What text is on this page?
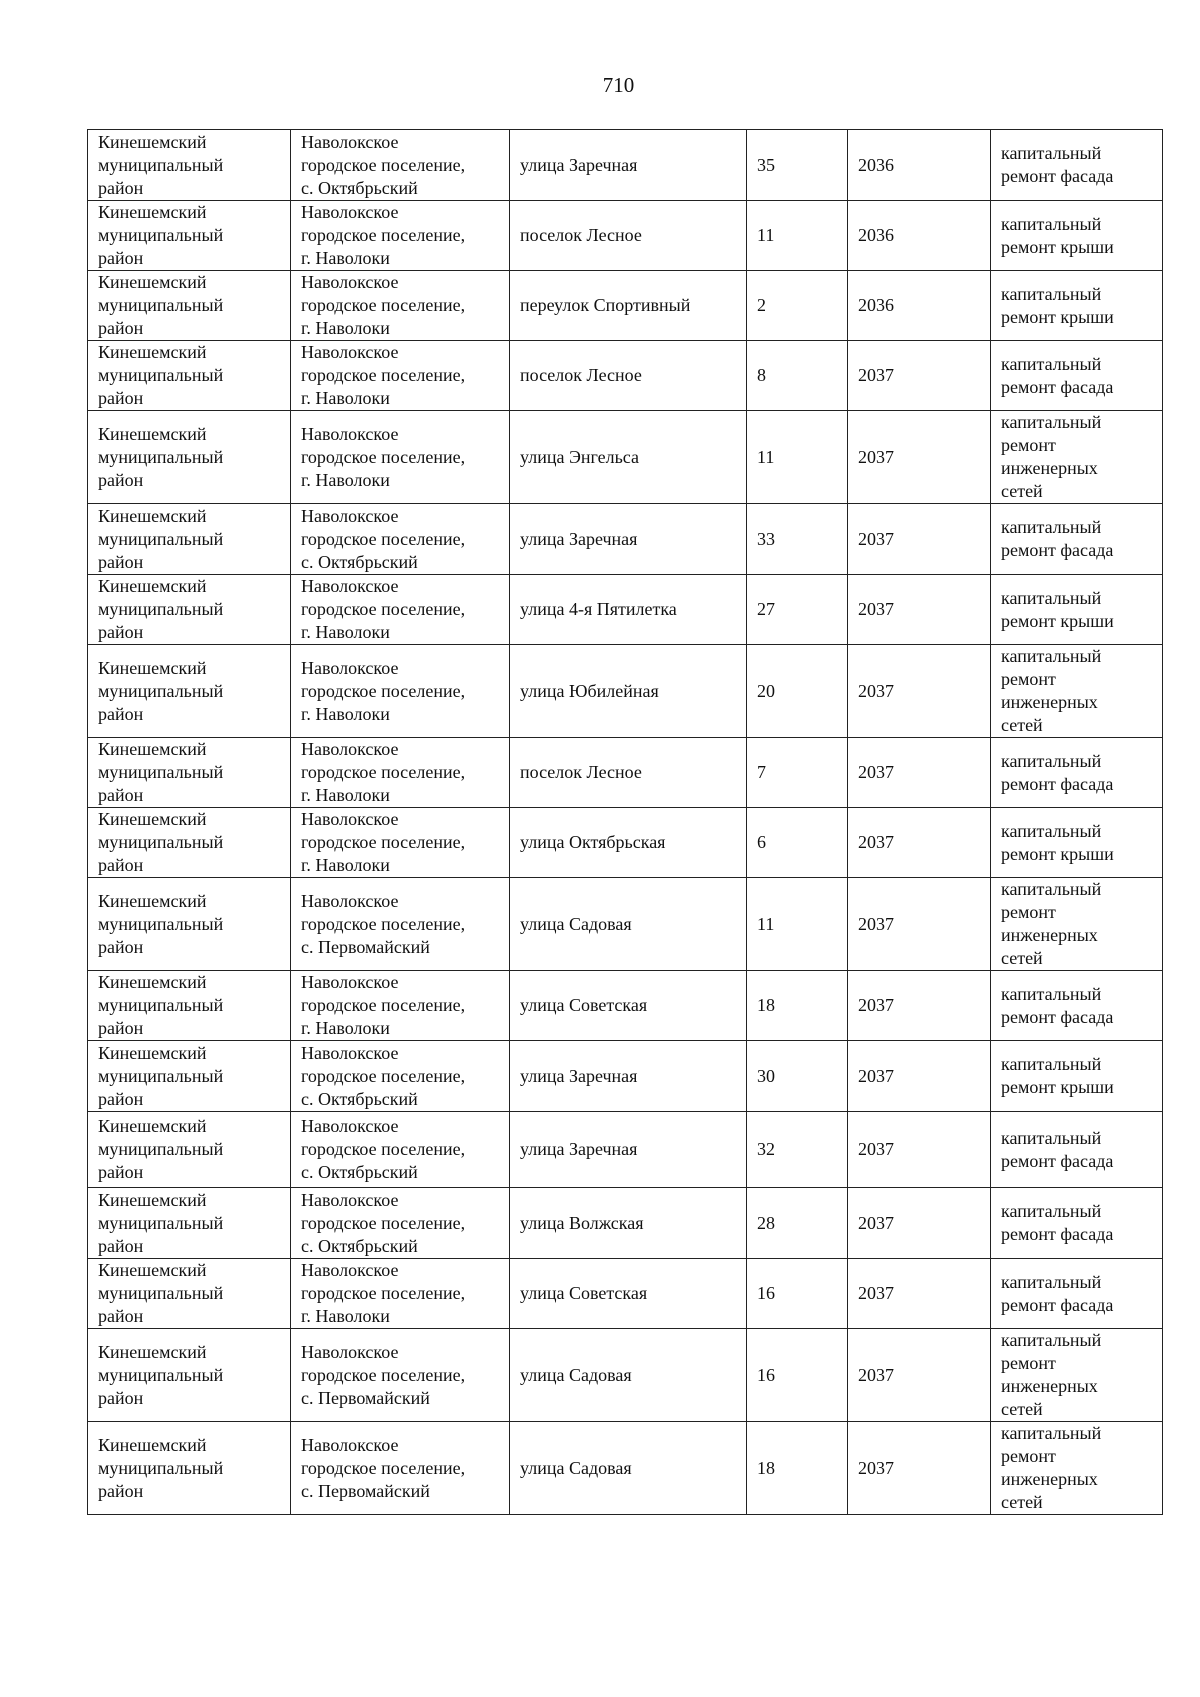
710
Кинешемский
муниципальный
район	Наволокское
городское поселение,
с. Октябрьский	улица Заречная	35	2036	капитальный
ремонт фасада
Кинешемский
муниципальный
район	Наволокское
городское поселение,
г. Наволоки	поселок Лесное	11	2036	капитальный
ремонт крыши
Кинешемский
муниципальный
район	Наволокское
городское поселение,
г. Наволоки	переулок Спортивный	2	2036	капитальный
ремонт крыши
Кинешемский
муниципальный
район	Наволокское
городское поселение,
г. Наволоки	поселок Лесное	8	2037	капитальный
ремонт фасада
Кинешемский
муниципальный
район	Наволокское
городское поселение,
г. Наволоки	улица Энгельса	11	2037	капитальный
ремонт
инженерных
сетей
Кинешемский
муниципальный
район	Наволокское
городское поселение,
с. Октябрьский	улица Заречная	33	2037	капитальный
ремонт фасада
Кинешемский
муниципальный
район	Наволокское
городское поселение,
г. Наволоки	улица 4-я Пятилетка	27	2037	капитальный
ремонт крыши
Кинешемский
муниципальный
район	Наволокское
городское поселение,
г. Наволоки	улица Юбилейная	20	2037	капитальный
ремонт
инженерных
сетей
Кинешемский
муниципальный
район	Наволокское
городское поселение,
г. Наволоки	поселок Лесное	7	2037	капитальный
ремонт фасада
Кинешемский
муниципальный
район	Наволокское
городское поселение,
г. Наволоки	улица Октябрьская	6	2037	капитальный
ремонт крыши
Кинешемский
муниципальный
район	Наволокское
городское поселение,
с. Первомайский	улица Садовая	11	2037	капитальный
ремонт
инженерных
сетей
Кинешемский
муниципальный
район	Наволокское
городское поселение,
г. Наволоки	улица Советская	18	2037	капитальный
ремонт фасада
Кинешемский
муниципальный
район	Наволокское
городское поселение,
с. Октябрьский	улица Заречная	30	2037	капитальный
ремонт крыши
Кинешемский
муниципальный
район	Наволокское
городское поселение,
с. Октябрьский	улица Заречная	32	2037	капитальный
ремонт фасада
Кинешемский
муниципальный
район	Наволокское
городское поселение,
с. Октябрьский	улица Волжская	28	2037	капитальный
ремонт фасада
Кинешемский
муниципальный
район	Наволокское
городское поселение,
г. Наволоки	улица Советская	16	2037	капитальный
ремонт фасада
Кинешемский
муниципальный
район	Наволокское
городское поселение,
с. Первомайский	улица Садовая	16	2037	капитальный
ремонт
инженерных
сетей
Кинешемский
муниципальный
район	Наволокское
городское поселение,
с. Первомайский	улица Садовая	18	2037	капитальный
ремонт
инженерных
сетей
